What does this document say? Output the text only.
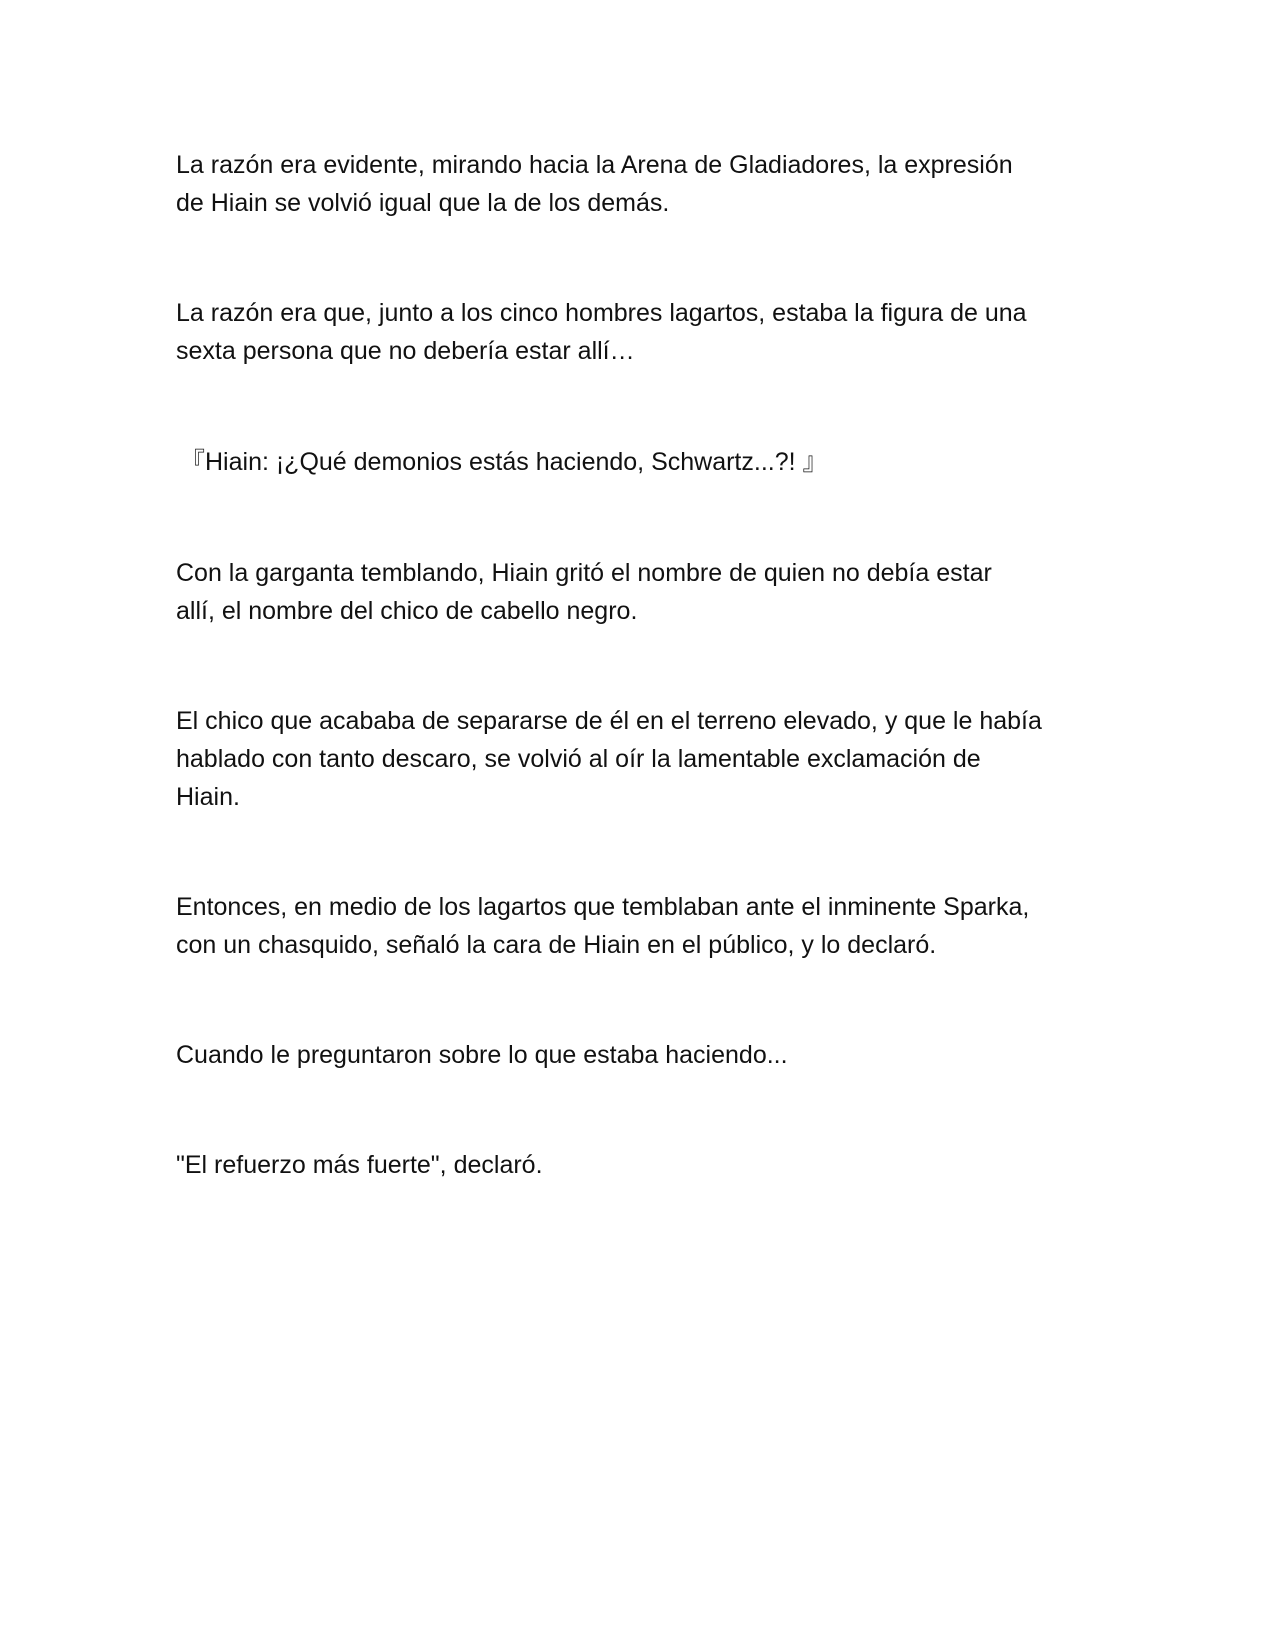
La razón era evidente, mirando hacia la Arena de Gladiadores, la expresión
de Hiain se volvió igual que la de los demás.

La razón era que, junto a los cinco hombres lagartos, estaba la figura de una
sexta persona que no debería estar allí…

『Hiain: ¡¿Qué demonios estás haciendo, Schwartz...?! 』

Con la garganta temblando, Hiain gritó el nombre de quien no debía estar
allí, el nombre del chico de cabello negro.

El chico que acababa de separarse de él en el terreno elevado, y que le había
hablado con tanto descaro, se volvió al oír la lamentable exclamación de
Hiain.

Entonces, en medio de los lagartos que temblaban ante el inminente Sparka,
con un chasquido, señaló la cara de Hiain en el público, y lo declaró.

Cuando le preguntaron sobre lo que estaba haciendo...

"El refuerzo más fuerte", declaró.
